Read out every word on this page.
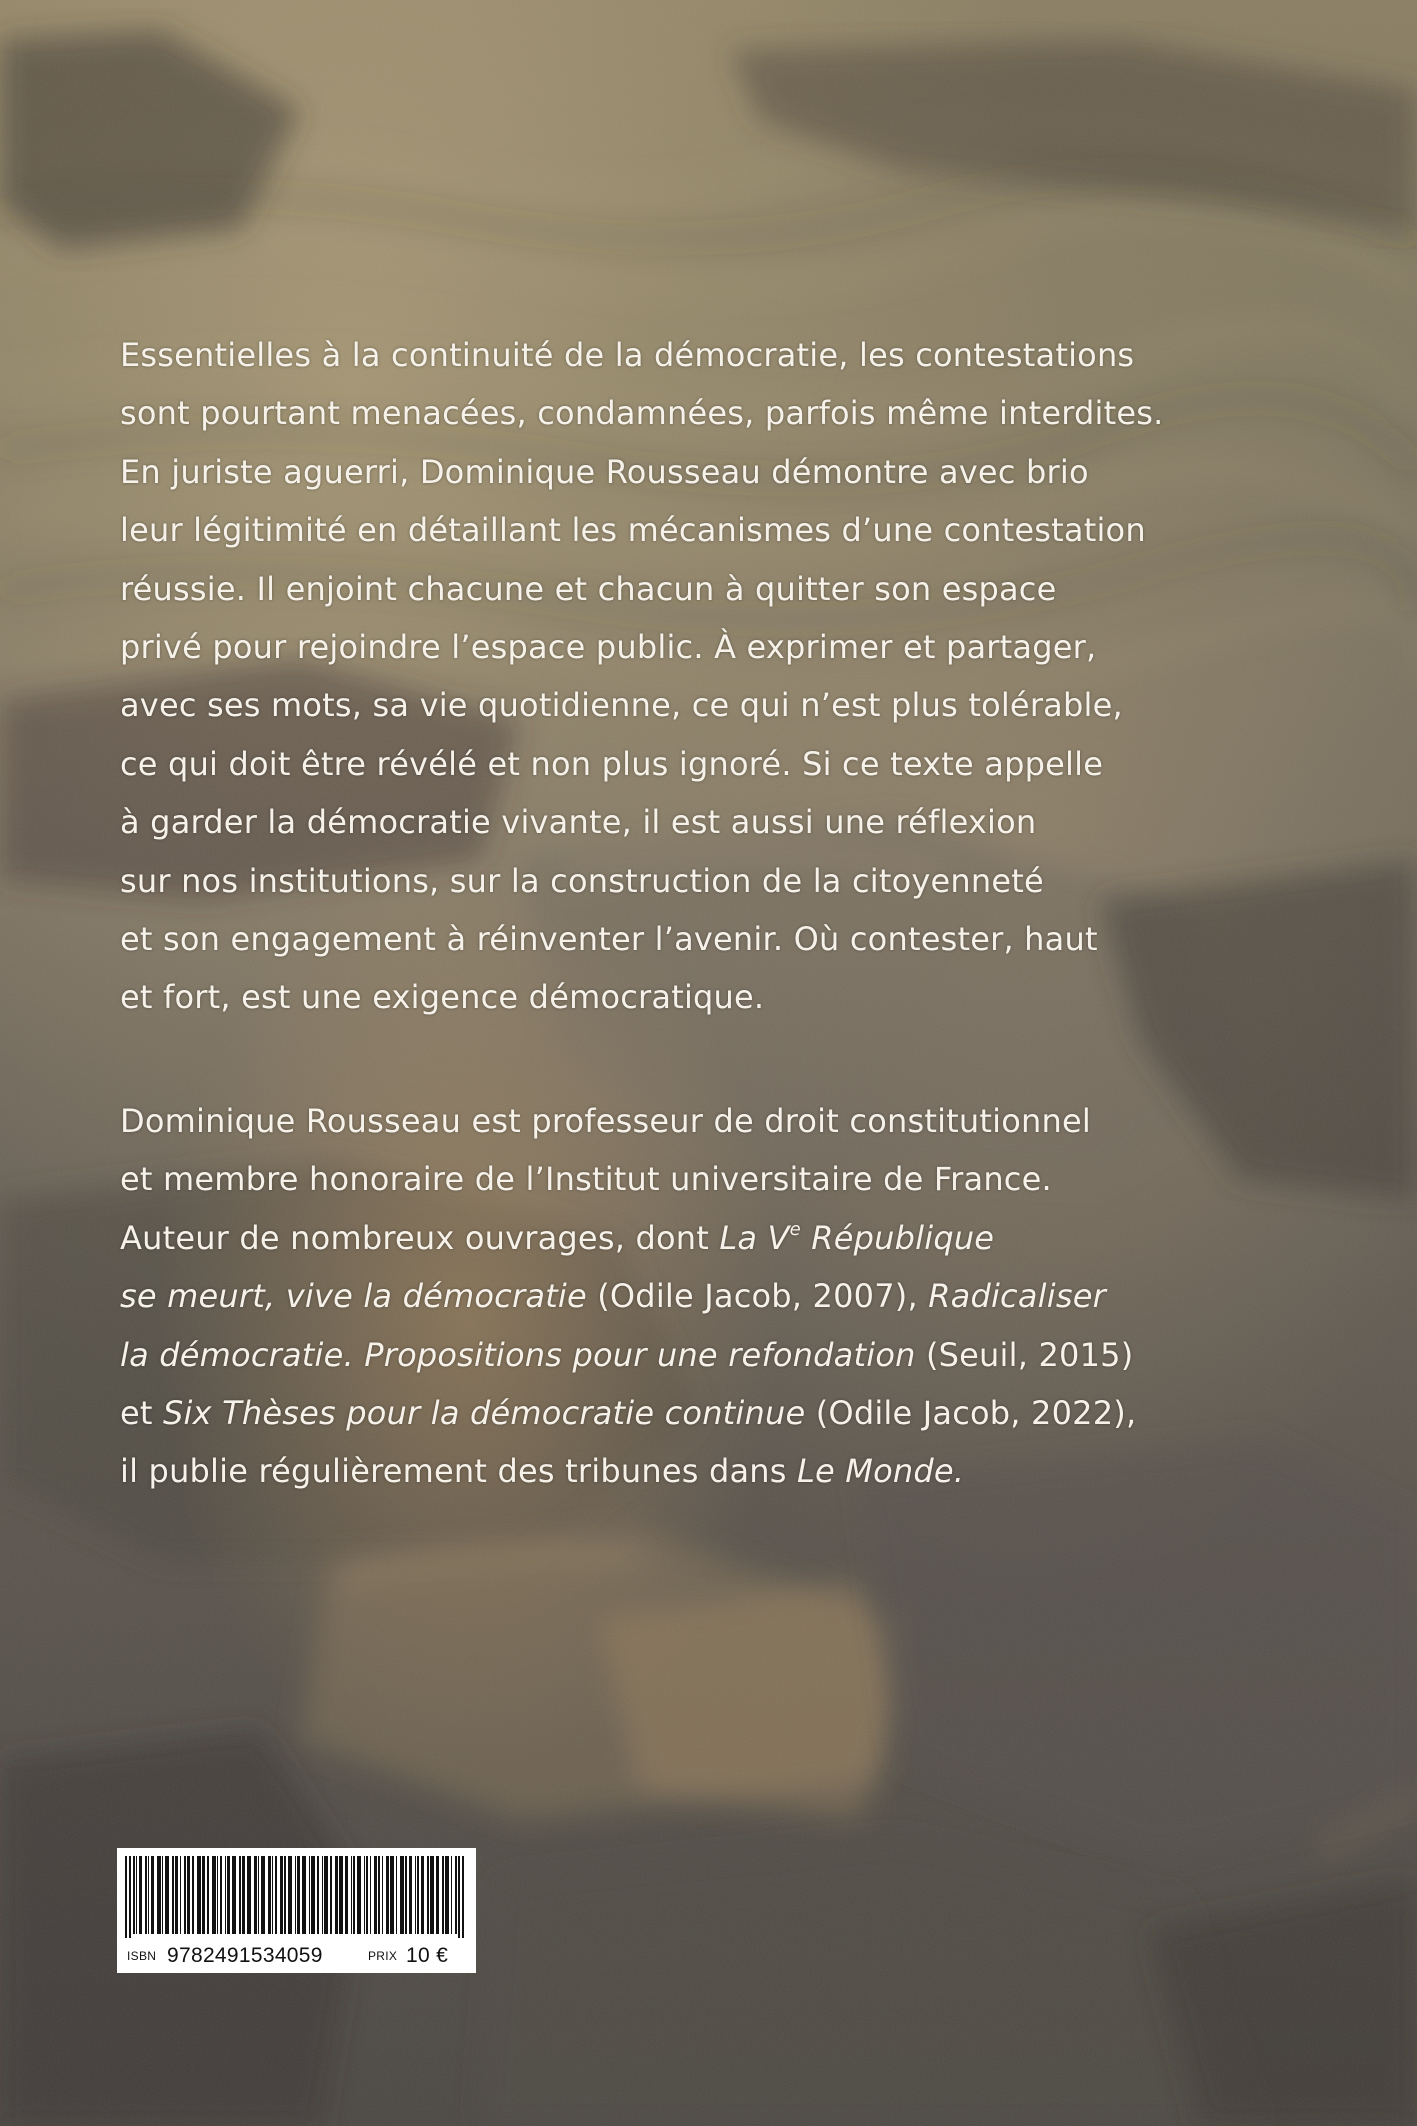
Essentielles à la continuité de la démocratie, les contestations
sont pourtant menacées, condamnées, parfois même interdites.
En juriste aguerri, Dominique Rousseau démontre avec brio
leur légitimité en détaillant les mécanismes d’une contestation
réussie. Il enjoint chacune et chacun à quitter son espace
privé pour rejoindre l’espace public. À exprimer et partager,
avec ses mots, sa vie quotidienne, ce qui n’est plus tolérable,
ce qui doit être révélé et non plus ignoré. Si ce texte appelle
à garder la démocratie vivante, il est aussi une réflexion
sur nos institutions, sur la construction de la citoyenneté
et son engagement à réinventer l’avenir. Où contester, haut
et fort, est une exigence démocratique.
Dominique Rousseau est professeur de droit constitutionnel
et membre honoraire de l’Institut universitaire de France.
Auteur de nombreux ouvrages, dont La Ve République
se meurt, vive la démocratie (Odile Jacob, 2007), Radicaliser
la démocratie. Propositions pour une refondation (Seuil, 2015)
et Six Thèses pour la démocratie continue (Odile Jacob, 2022),
il publie régulièrement des tribunes dans Le Monde.
ISBN 9782491534059	PRIX 10 €
